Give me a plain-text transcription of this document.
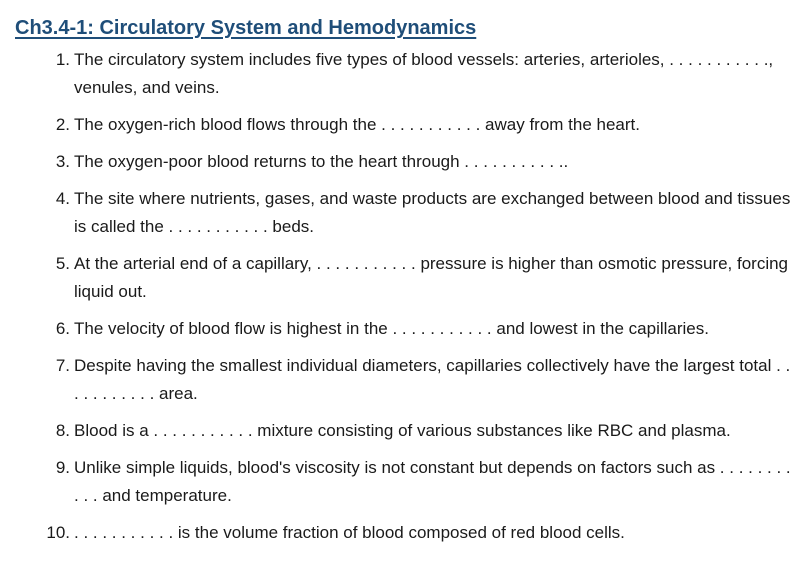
Ch3.4-1: Circulatory System and Hemodynamics
1. The circulatory system includes five types of blood vessels: arteries, arterioles, . . . . . . . . . . ., venules, and veins.
2. The oxygen-rich blood flows through the . . . . . . . . . . . away from the heart.
3. The oxygen-poor blood returns to the heart through . . . . . . . . . . ..
4. The site where nutrients, gases, and waste products are exchanged between blood and tissues is called the . . . . . . . . . . . beds.
5. At the arterial end of a capillary, . . . . . . . . . . . pressure is higher than osmotic pressure, forcing liquid out.
6. The velocity of blood flow is highest in the . . . . . . . . . . . and lowest in the capillaries.
7. Despite having the smallest individual diameters, capillaries collectively have the largest total . . . . . . . . . . . area.
8. Blood is a . . . . . . . . . . . mixture consisting of various substances like RBC and plasma.
9. Unlike simple liquids, blood's viscosity is not constant but depends on factors such as . . . . . . . . . . . and temperature.
10. . . . . . . . . . . . is the volume fraction of blood composed of red blood cells.
